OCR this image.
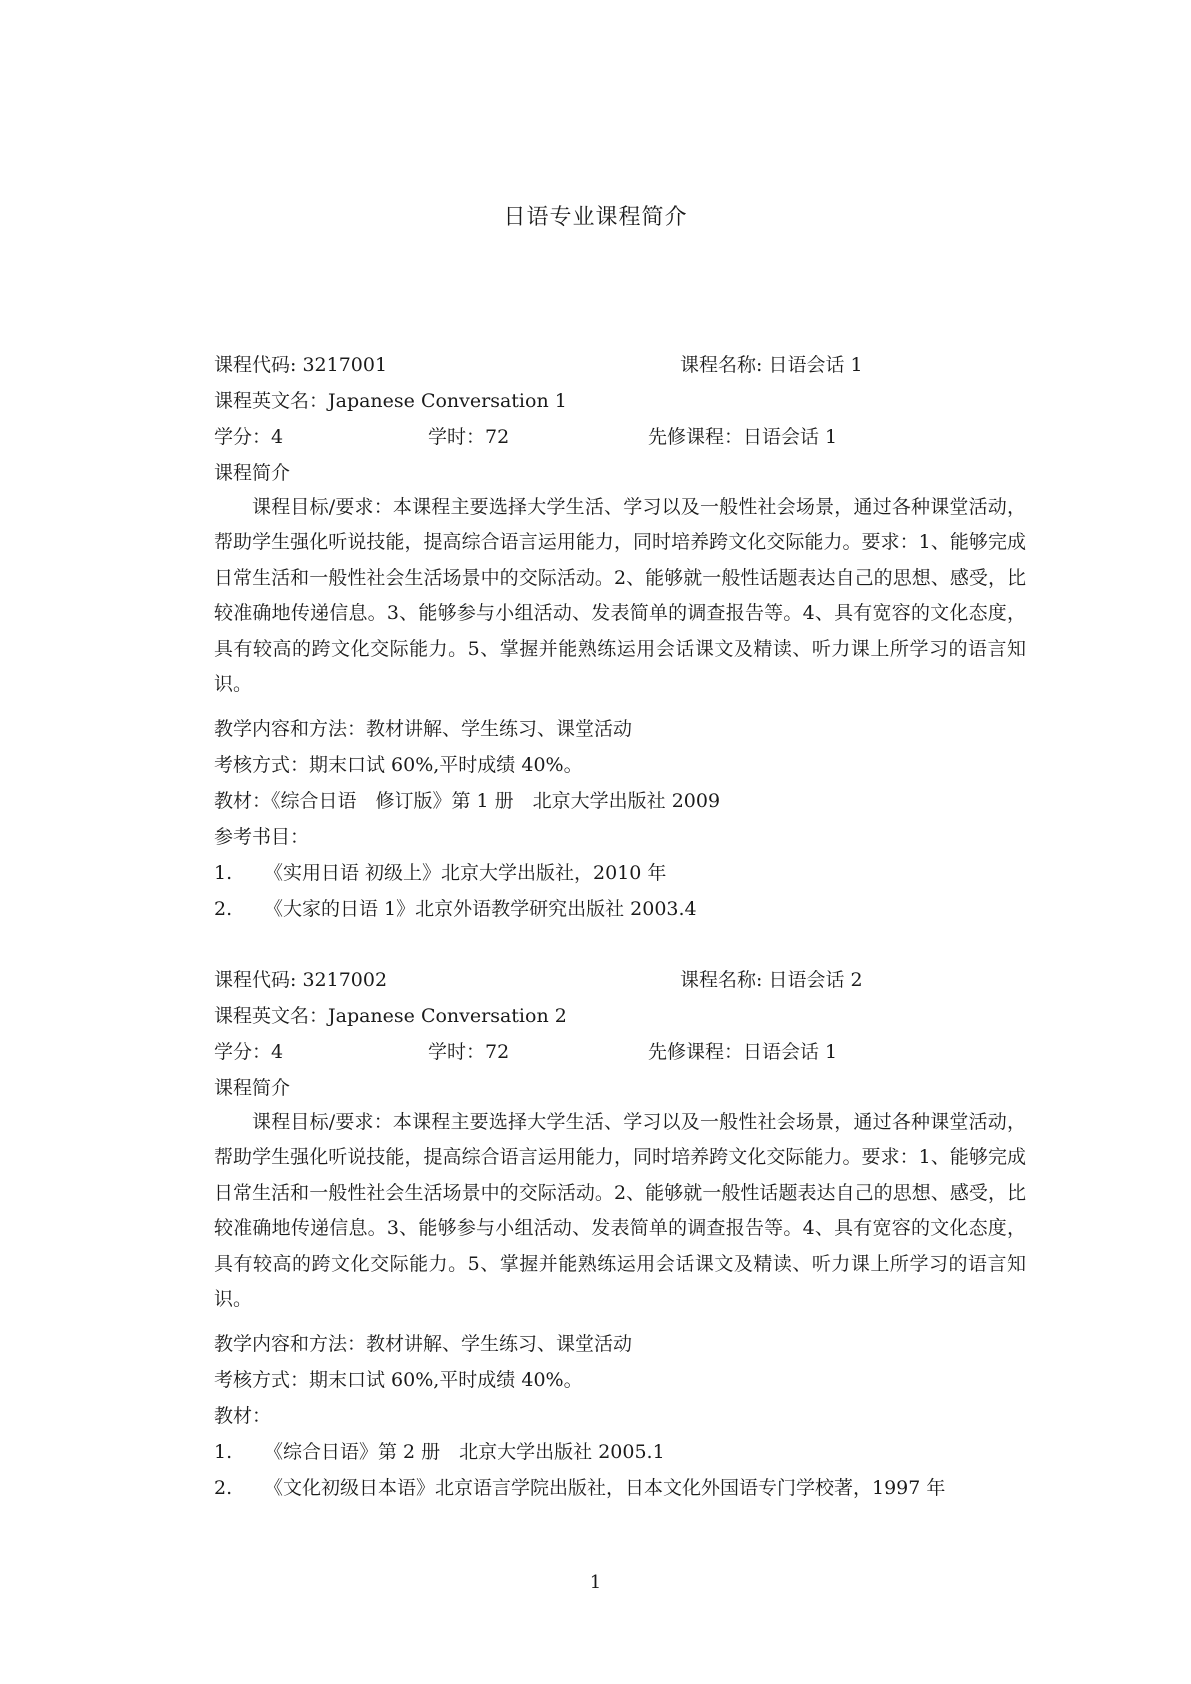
日语专业课程简介
课程代码: 3217001	课程名称: 日语会话 1
课程英文名：Japanese Conversation 1
学分：4	学时：72	先修课程：日语会话 1
课程简介
课程目标/要求：本课程主要选择大学生活、学习以及一般性社会场景，通过各种课堂活动，帮助学生强化听说技能，提高综合语言运用能力，同时培养跨文化交际能力。要求：1、能够完成日常生活和一般性社会生活场景中的交际活动。2、能够就一般性话题表达自己的思想、感受，比较准确地传递信息。3、能够参与小组活动、发表简单的调查报告等。4、具有宽容的文化态度，具有较高的跨文化交际能力。5、掌握并能熟练运用会话课文及精读、听力课上所学习的语言知识。
教学内容和方法：教材讲解、学生练习、课堂活动
考核方式：期末口试 60%,平时成绩 40%。
教材：《综合日语　修订版》第 1 册　北京大学出版社 2009
参考书目：
1. 《实用日语 初级上》北京大学出版社，2010 年
2. 《大家的日语 1》北京外语教学研究出版社 2003.4
课程代码: 3217002	课程名称: 日语会话 2
课程英文名：Japanese Conversation 2
学分：4	学时：72	先修课程：日语会话 1
课程简介
课程目标/要求：本课程主要选择大学生活、学习以及一般性社会场景，通过各种课堂活动，帮助学生强化听说技能，提高综合语言运用能力，同时培养跨文化交际能力。要求：1、能够完成日常生活和一般性社会生活场景中的交际活动。2、能够就一般性话题表达自己的思想、感受，比较准确地传递信息。3、能够参与小组活动、发表简单的调查报告等。4、具有宽容的文化态度，具有较高的跨文化交际能力。5、掌握并能熟练运用会话课文及精读、听力课上所学习的语言知识。
教学内容和方法：教材讲解、学生练习、课堂活动
考核方式：期末口试 60%,平时成绩 40%。
教材：
1. 《综合日语》第 2 册　北京大学出版社 2005.1
2. 《文化初级日本语》北京语言学院出版社，日本文化外国语专门学校著，1997 年
1
